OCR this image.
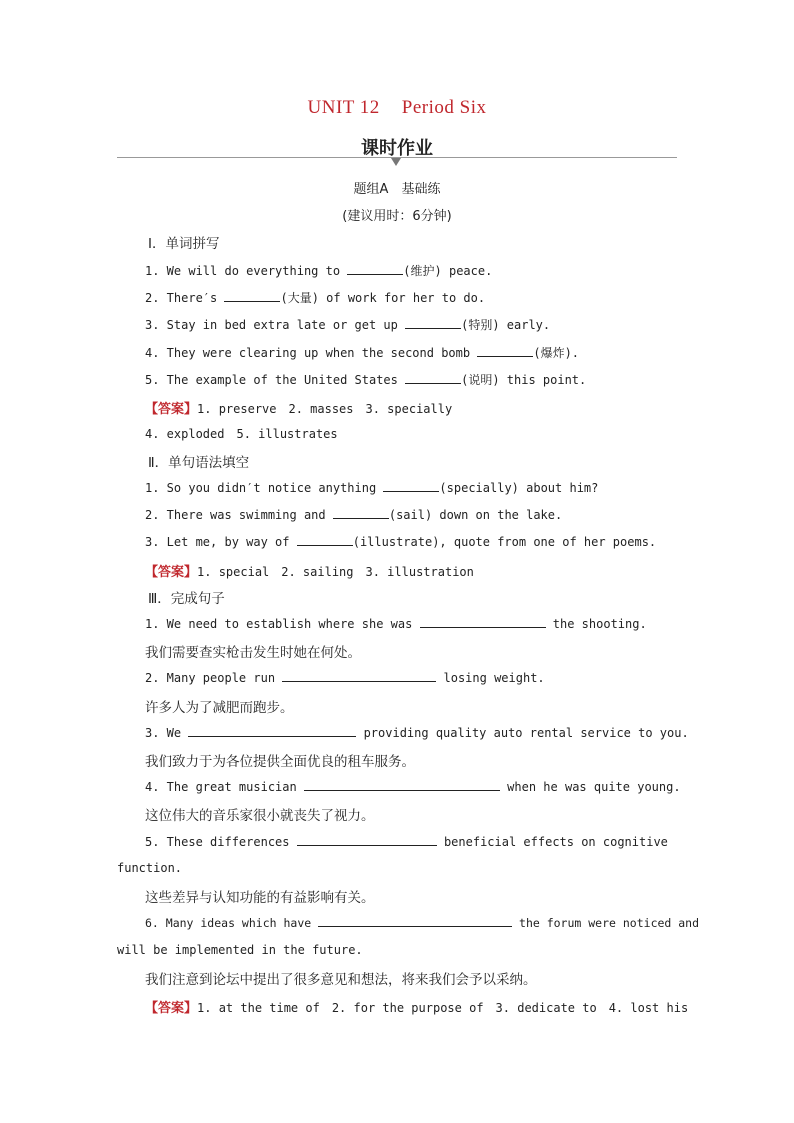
UNIT 12 Period Six
课时作业
题组A　基础练
(建议用时：6分钟)
Ⅰ．单词拼写
1. We will do everything to	(维护) peace.
2. There′s	(大量) of work for her to do.
3. Stay in bed extra late or get up	(特别) early.
4. They were clearing up when the second bomb	(爆炸).
5. The example of the United States	(说明) this point.
【答案】1. preserve　2. masses　3. specially
4. exploded　5. illustrates
Ⅱ．单句语法填空
1. So you didn′t notice anything	(specially) about him?
2. There was swimming and	(sail) down on the lake.
3. Let me, by way of	(illustrate), quote from one of her poems.
【答案】1. special　2. sailing　3. illustration
Ⅲ．完成句子
1. We need to establish where she was	the shooting.
我们需要查实枪击发生时她在何处。
2. Many people run	losing weight.
许多人为了减肥而跑步。
3. We	providing quality auto rental service to you.
我们致力于为各位提供全面优良的租车服务。
4. The great musician	when he was quite young.
这位伟大的音乐家很小就丧失了视力。
5. These differences	beneficial effects on cognitive
function.
这些差异与认知功能的有益影响有关。
6. Many ideas which have	the forum were noticed and
will be implemented in the future.
我们注意到论坛中提出了很多意见和想法，将来我们会予以采纳。
【答案】1. at the time of　2. for the purpose of　3. dedicate to　4. lost his
